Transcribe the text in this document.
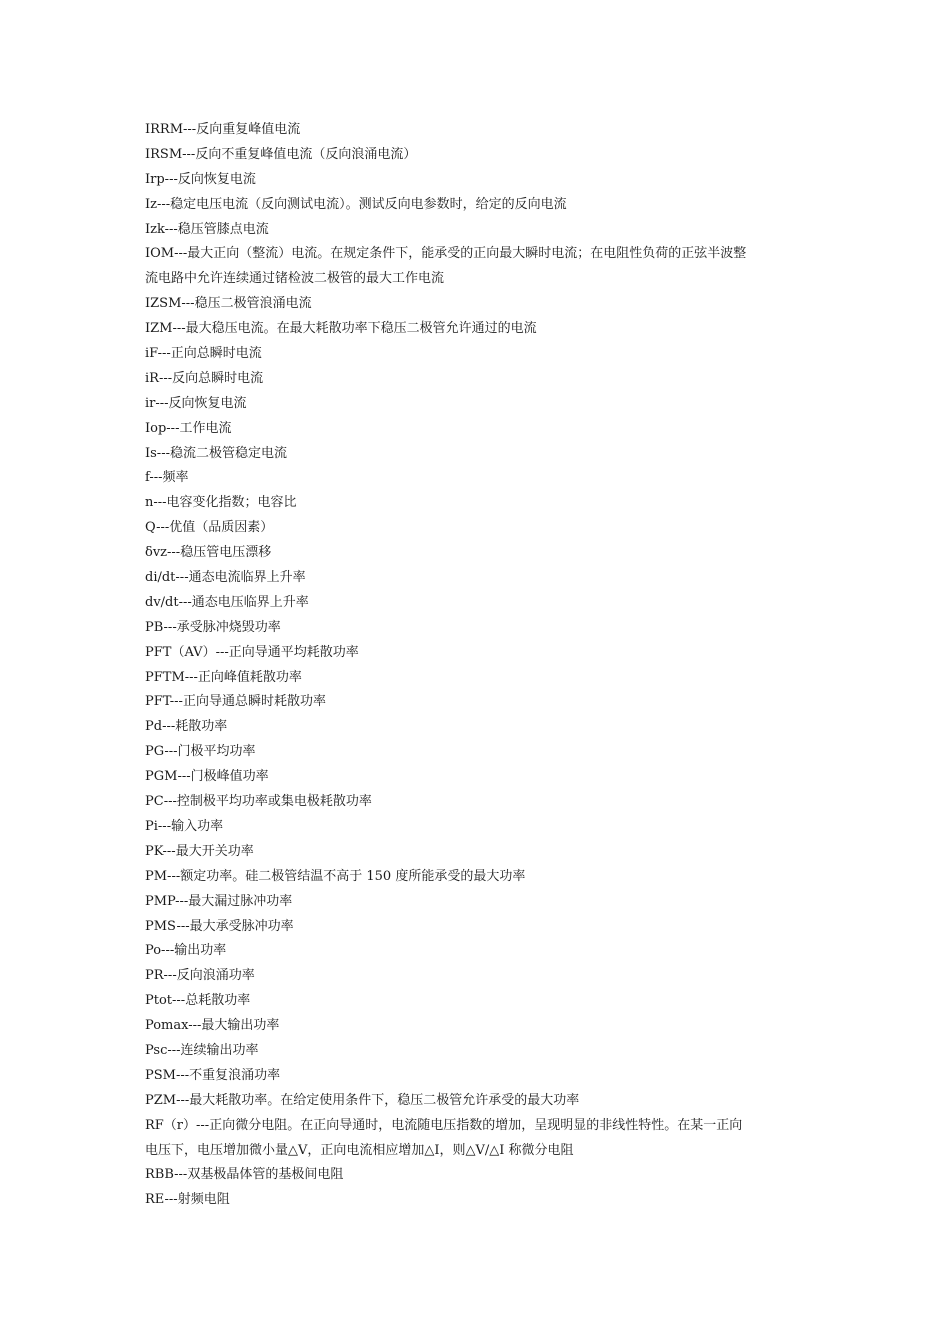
IRRM---反向重复峰值电流
IRSM---反向不重复峰值电流（反向浪涌电流）
Irp---反向恢复电流
Iz---稳定电压电流（反向测试电流）。测试反向电参数时，给定的反向电流
Izk---稳压管膝点电流
IOM---最大正向（整流）电流。在规定条件下，能承受的正向最大瞬时电流；在电阻性负荷的正弦半波整
流电路中允许连续通过锗检波二极管的最大工作电流
IZSM---稳压二极管浪涌电流
IZM---最大稳压电流。在最大耗散功率下稳压二极管允许通过的电流
iF---正向总瞬时电流
iR---反向总瞬时电流
ir---反向恢复电流
Iop---工作电流
Is---稳流二极管稳定电流
f---频率
n---电容变化指数；电容比
Q---优值（品质因素）
δvz---稳压管电压漂移
di/dt---通态电流临界上升率
dv/dt---通态电压临界上升率
PB---承受脉冲烧毁功率
PFT（AV）---正向导通平均耗散功率
PFTM---正向峰值耗散功率
PFT---正向导通总瞬时耗散功率
Pd---耗散功率
PG---门极平均功率
PGM---门极峰值功率
PC---控制极平均功率或集电极耗散功率
Pi---输入功率
PK---最大开关功率
PM---额定功率。硅二极管结温不高于 150 度所能承受的最大功率
PMP---最大漏过脉冲功率
PMS---最大承受脉冲功率
Po---输出功率
PR---反向浪涌功率
Ptot---总耗散功率
Pomax---最大输出功率
Psc---连续输出功率
PSM---不重复浪涌功率
PZM---最大耗散功率。在给定使用条件下，稳压二极管允许承受的最大功率
RF（r）---正向微分电阻。在正向导通时，电流随电压指数的增加，呈现明显的非线性特性。在某一正向
电压下，电压增加微小量△V，正向电流相应增加△I，则△V/△I 称微分电阻
RBB---双基极晶体管的基极间电阻
RE---射频电阻
